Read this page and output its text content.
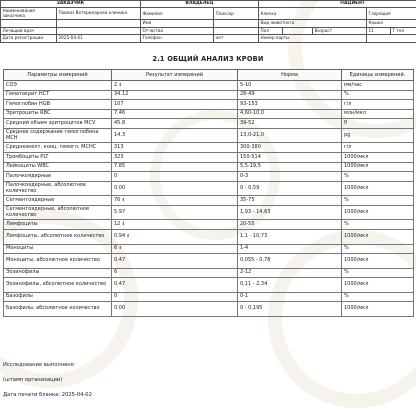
ЗАКАЗЧИК		ВЛАДЕЛЕЦ		ПАЦИЕНТ					
Наименование заказчика	Повлиз Ветеринарная клиника	Фамилия	Плиссер	Кличка			Глорящая		
		Имя		Вид животного			Кошка		
Лечащий врач		Отчество		Пол		Возраст	11	Т тел	
Дата регистрации	2025-04-01	Телефон	нет	Номер карты					
2.1 ОБЩИЙ АНАЛИЗ КРОВИ
Параметры измерений	Результат измерений	Норма	Единицы измерений.
СОЭ	2⬇	5-10	мм/час
Гематокрит HCT	34.12	28-49	%
Гемоглобин HGB	107	93-153	г/л
Эритроциты RBC	7.46	4,60-10,0	млн/мкл
Средний объем эритроцитов MCV	45.8	39-52	fl
Среднее содержание гемоглобина МСН	14.3	13,0-21,0	pg
Среднеэкелт, конц. гемогл. МCHC	313	300-380	г/л
Тромбоциты PLT	323	150-514	1000/мкл
Лейкоциты WBC	7.85	5,5-19,5	1000/мкл
Палочкоядерные	0	0-3	%
Палочкоядерные, абсолютное количество	0.00	0 - 0,59	1000/мкл
Сегментоядерные	76⬆	35-75	%
Сегментоядерные, абсолютное количество	5.97	1,93 - 14,63	1000/мкл
Лимфоциты	12⬇	20-55	%
Лимфоциты, абсолютное количество	0.94⬇	1,1 - 10,73	1000/мкл
Моноциты	6⬆	1-4	%
Моноциты, абсолютное количество	0.47	0,055 - 0,78	1000/мкл
Эозинофилы	6	2-12	%
Эозинофилы, абсолютное количество	0.47	0,11 - 2,34	1000/мкл
Базофилы	0	0-1	%
Базофилы, абсолютное количество	0.00	0 - 0,195	1000/мкл
Исследование выполнено
(штамп организации)
Дата печати бланка: 2025-04-02
